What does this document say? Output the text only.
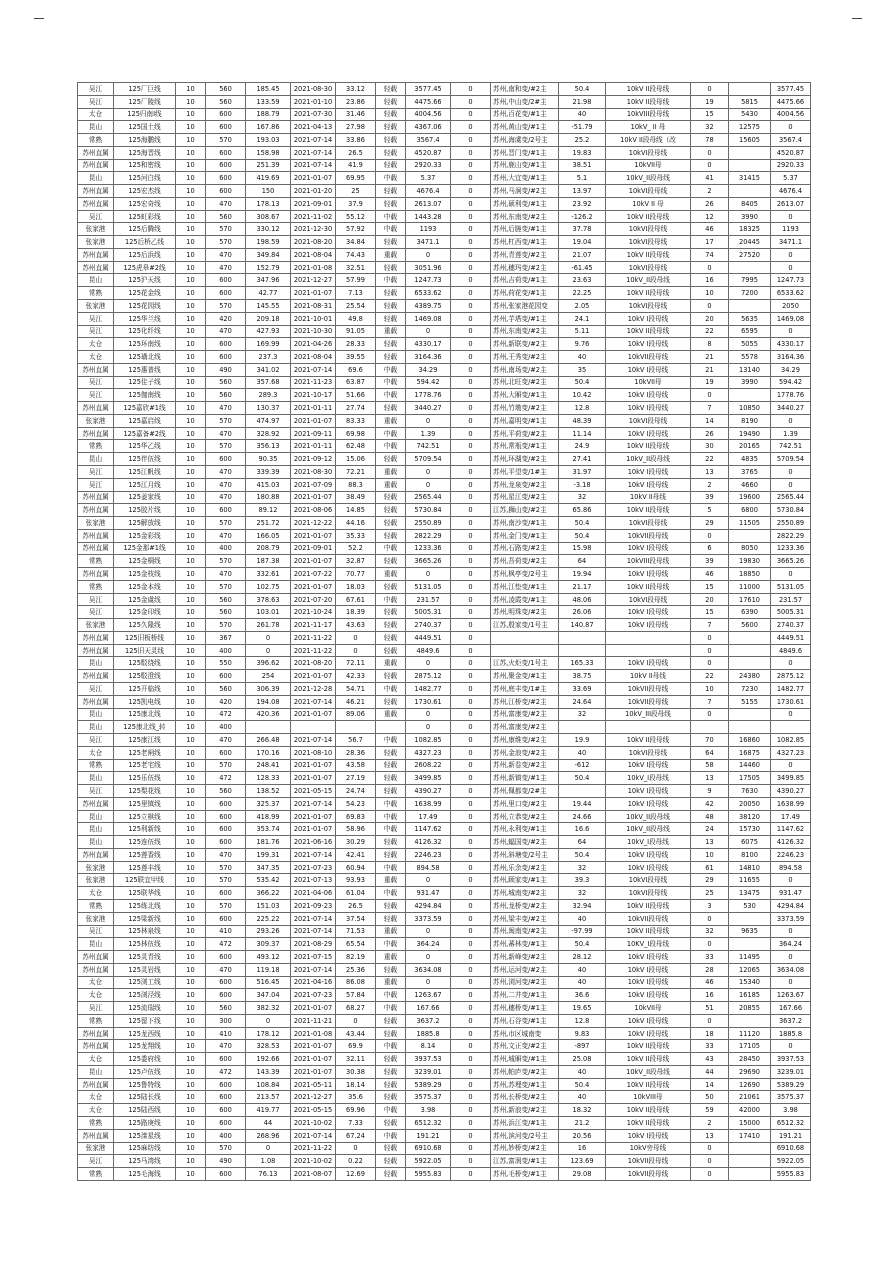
吴江	125厂巨线	10	560	185.45	2021-08-30	33.12	轻载	3577.45	0	苏州,南和变/#2主	50.4	10kV II段母线	0		3577.45
吴江	125厂陵线	10	560	133.59	2021-01-10	23.86	轻载	4475.66	0	苏州,中山变/2#主	21.98	10kV II段母线	19	5815	4475.66
太仓	125归南Ⅰ线	10	600	188.79	2021-07-30	31.46	轻载	4004.56	0	苏州,百花变/#1主	40	10kVIII段母线	15	5430	4004.56
昆山	125国土线	10	600	167.86	2021-04-13	27.98	轻载	4367.06	0	苏州,黄山变/#1主	-51.79	10kV_ II 母	32	12575	0
常熟	125海鹏线	10	570	193.03	2021-07-14	33.86	轻载	3567.4	0	苏州,海虞变/2号主	25.2	10kV II段母线（改	78	15605	3567.4
苏州直属	125海晋线	10	600	158.98	2021-07-14	26.5	轻载	4520.87	0	苏州,晋门变/#1主	19.83	10kVI段母线	0		4520.87
苏州直属	125和密线	10	600	251.39	2021-07-14	41.9	轻载	2920.33	0	苏州,鹿山变/#1主	38.51	10kVII母	0		2920.33
昆山	125河白线	10	600	419.69	2021-01-07	69.95	中载	5.37	0	苏州,大宜变/#1主	5.1	10kV_II段母线	41	31415	5.37
苏州直属	125宏杰线	10	600	150	2021-01-20	25	轻载	4676.4	0	苏州,马涧变/#2主	13.97	10kVI段母线	2		4676.4
苏州直属	125宏奇线	10	470	178.13	2021-09-01	37.9	轻载	2613.07	0	苏州,硕利变/#1主	23.92	10kV II 母	26	8405	2613.07
吴江	125虹彩线	10	560	308.67	2021-11-02	55.12	中载	1443.28	0	苏州,东南变/#2主	-126.2	10kV II段母线	12	3990	0
张家港	125后腾线	10	570	330.12	2021-12-30	57.92	中载	1193	0	苏州,后塍变/#1主	37.78	10kVI段母线	46	18325	1193
张家港	125后桥乙线	10	570	198.59	2021-08-20	34.84	轻载	3471.1	0	苏州,杠西变/#1主	19.04	10kVI段母线	17	20445	3471.1
苏州直属	125后浜线	10	470	349.84	2021-08-04	74.43	重载	0	0	苏州,青莲变/#2主	21.07	10kV II段母线	74	27520	0
苏州直属	125虎皋#2线	10	470	152.79	2021-01-08	32.51	轻载	3051.96	0	苏州,穗玛变/#2主	-61.45	10kVI段母线	0		0
昆山	125沪天线	10	600	347.96	2021-12-27	57.99	中载	1247.73	0	苏州,吉荷变/#1主	23.63	10kV_II段母线	16	7995	1247.73
常熟	125花金线	10	600	42.77	2021-01-07	7.13	轻载	6533.62	0	苏州,荷花变/#1主	22.25	10kV II段母线	10	7200	6533.62
张家港	125花园线	10	570	145.55	2021-08-31	25.54	轻载	4389.75	0	苏州,张家港花园变	2.05	10kVI段母线	0		2050
吴江	125华兰线	10	420	209.18	2021-10-01	49.8	轻载	1469.08	0	苏州,芋塔变/#1主	24.1	10kV I段母线	20	5635	1469.08
吴江	125化纤线	10	470	427.93	2021-10-30	91.05	重载	0	0	苏州,东南变/#2主	5.11	10kV II段母线	22	6595	0
太仓	125环南线	10	600	169.99	2021-04-26	28.33	轻载	4330.17	0	苏州,新联变/#2主	9.76	10kV I段母线	8	5055	4330.17
太仓	125璜北线	10	600	237.3	2021-08-04	39.55	轻载	3164.36	0	苏州,王秀变/#2主	40	10kVII段母线	21	5578	3164.36
苏州直属	125惠普线	10	490	341.02	2021-07-14	69.6	中载	34.29	0	苏州,南场变/#2主	35	10kV I段母线	21	13140	34.29
吴江	125佳子线	10	560	357.68	2021-11-23	63.87	中载	594.42	0	苏州,北旺变/#2主	50.4	10kVII母	19	3990	594.42
吴江	125伽南线	10	560	289.3	2021-10-17	51.66	中载	1778.76	0	苏州,大厢变/#1主	10.42	10kV I段母线	0		1778.76
苏州直属	125嘉欣#1线	10	470	130.37	2021-01-11	27.74	轻载	3440.27	0	苏州,竹墩变/#2主	12.8	10kV I段母线	7	10850	3440.27
张家港	125嘉启线	10	570	474.97	2021-01-07	83.33	重载	0	0	苏州,嘉明变/#1主	48.39	10kVI段母线	14	8190	0
苏州直属	125嘉备#2线	10	470	328.92	2021-09-11	69.98	中载	1.39	0	苏州,平荷变/#2主	11.14	10kV I段母线	26	19490	1.39
常熟	125华乙线	10	570	356.13	2021-01-11	62.48	中载	742.51	0	苏州,常瓶变/#1主	24.9	10kV II段母线	30	20165	742.51
昆山	125伴伍线	10	600	90.35	2021-09-12	15.06	轻载	5709.54	0	苏州,环湖变/#2主	27.41	10kV_II段母线	22	4835	5709.54
吴江	125江帆线	10	470	339.39	2021-08-30	72.21	重载	0	0	苏州,平望变/1#主	31.97	10kV I段母线	13	3765	0
吴江	125江月线	10	470	415.03	2021-07-09	88.3	重载	0	0	苏州,龙泉变/#2主	-3.18	10kV I段母线	2	4660	0
苏州直属	125姜家线	10	470	180.88	2021-01-07	38.49	轻载	2565.44	0	苏州,星江变/#2主	32	10kV II母线	39	19600	2565.44
苏州直属	125胶片线	10	600	89.12	2021-08-06	14.85	轻载	5730.84	0	江苏,狮山变/#2主	65.86	10kV II段母线	5	6800	5730.84
张家港	125解放线	10	570	251.72	2021-12-22	44.16	轻载	2550.89	0	苏州,南沙变/#1主	50.4	10kVI段母线	29	11505	2550.89
苏州直属	125金彩线	10	470	166.05	2021-01-07	35.33	轻载	2822.29	0	苏州,金门变/#1主	50.4	10kVII段母线	0		2822.29
苏州直属	125金那#1线	10	400	208.79	2021-09-01	52.2	中载	1233.36	0	苏州,石路变/#2主	15.98	10kV I段母线	6	8050	1233.36
常熟	125金桐线	10	570	187.38	2021-01-07	32.87	轻载	3665.26	0	苏州,吾荷变/#2主	64	10kVIII段母线	39	19830	3665.26
苏州直属	125金枝线	10	470	332.61	2021-07-22	70.77	重载	0	0	苏州,枫亭变/2号主	19.94	10kV I段母线	46	18850	0
常熟	125金本线	10	570	102.75	2021-01-07	18.03	轻载	5131.05	0	苏州,江垫变/#1主	21.17	10kV II段母线	15	11000	5131.05
吴江	125金虞线	10	560	378.63	2021-07-20	67.61	中载	231.57	0	苏州,凌霞变/#1主	48.06	10kVI段母线	20	17610	231.57
吴江	125金印线	10	560	103.01	2021-10-24	18.39	轻载	5005.31	0	苏州,明珠变/#2主	26.06	10kV I段母线	15	6390	5005.31
张家港	125久隆线	10	570	261.78	2021-11-17	43.63	轻载	2740.37	0	江苏,殷家变/1号主	140.87	10kV I段母线	7	5600	2740.37
苏州直属	125旧板桥线	10	367	0	2021-11-22	0	轻载	4449.51	0				0		4449.51
苏州直属	125旧天灵线	10	400	0	2021-11-22	0	轻载	4849.6	0				0		4849.6
昆山	125駁绕线	10	550	396.62	2021-08-20	72.11	重载	0	0	江苏,火炬变/1号主	165.33	10kV I段母线	0		0
苏州直属	125駁澄线	10	600	254	2021-01-07	42.33	轻载	2875.12	0	苏州,聚金变/#1主	38.75	10kV II母线	22	24380	2875.12
吴江	125开临线	10	560	306.39	2021-12-28	54.71	中载	1482.77	0	苏州,庭丰变/1#主	33.69	10kVII段母线	10	7230	1482.77
苏州直属	125凯电线	10	420	194.08	2021-07-14	46.21	轻载	1730.61	0	苏州,江桥变/#2主	24.64	10kVII段母线	7	5155	1730.61
昆山	125康北线	10	472	420.36	2021-01-07	89.06	重载	0	0	苏州,富康变/#2主	32	10kV_III段母线	0		0
昆山	125康北线_转	10	400					0	0	苏州,富康变/#2主					
吴江	125康江线	10	470	266.48	2021-07-14	56.7	中载	1082.85	0	苏州,康维变/#2主	19.9	10kV II段母线	70	16860	1082.85
太仓	125老闸线	10	600	170.16	2021-08-10	28.36	轻载	4327.23	0	苏州,金浪变/#2主	40	10kVI段母线	64	16875	4327.23
常熟	125老宅线	10	570	248.41	2021-01-07	43.58	轻载	2608.22	0	苏州,新卷变/#2主	-612	10kV I段母线	58	14460	0
昆山	125乐伍线	10	472	128.33	2021-01-07	27.19	轻载	3499.85	0	苏州,新镇变/#1主	50.4	10kV_I段母线	13	17505	3499.85
吴江	125梨花线	10	560	138.52	2021-05-15	24.74	轻载	4390.27	0	苏州,佩都变/2#主		10kV I段母线	9	7630	4390.27
苏州直属	125里镇线	10	600	325.37	2021-07-14	54.23	中载	1638.99	0	苏州,里口变/#2主	19.44	10kV I段母线	42	20050	1638.99
昆山	125立棋线	10	600	418.99	2021-01-07	69.83	中载	17.49	0	苏州,立恭变/#2主	24.66	10kV_II段母线	48	38120	17.49
昆山	125利新线	10	600	353.74	2021-01-07	58.96	中载	1147.62	0	苏州,永利变/#1主	16.6	10kV_II段母线	24	15730	1147.62
昆山	125连伍线	10	600	181.76	2021-06-16	30.29	轻载	4126.32	0	苏州,蝠国变/#2主	64	10kV_I段母线	13	6075	4126.32
苏州直属	125莲香线	10	470	199.31	2021-07-14	42.41	轻载	2246.23	0	苏州,斜塘变/2号主	50.4	10kV I段母线	10	8100	2246.23
张家港	125莲丰线	10	570	347.35	2021-07-23	60.94	中载	894.58	0	苏州,乐余变/#2主	32	10kV I段母线	61	14810	894.58
张家港	125联宜甲线	10	570	535.42	2021-07-13	93.93	重载	0	0	苏州,顾家变/#1主	39.3	10kVI段母线	29	11655	0
太仓	125联华线	10	600	366.22	2021-04-06	61.04	中载	931.47	0	苏州,城南变/#2主	32	10kVI段母线	25	13475	931.47
常熟	125练北线	10	570	151.03	2021-09-23	26.5	轻载	4294.84	0	苏州,龙桥变/#2主	32.94	10kV II段母线	3	530	4294.84
张家港	125梁新线	10	600	225.22	2021-07-14	37.54	轻载	3373.59	0	苏州,梁丰变/#2主	40	10kVII段母线	0		3373.59
吴江	125林泉线	10	410	293.26	2021-07-14	71.53	重载	0	0	苏州,闽南变/#2主	-97.99	10kV II段母线	32	9635	0
昆山	125林伍线	10	472	309.37	2021-08-29	65.54	中载	364.24	0	苏州,蕃林变/#1主	50.4	10KV_I段母线	0		364.24
苏州直属	125灵青线	10	600	493.12	2021-07-15	82.19	重载	0	0	苏州,新峰变/#2主	28.12	10kV I段母线	33	11495	0
苏州直属	125灵岩线	10	470	119.18	2021-07-14	25.36	轻载	3634.08	0	苏州,运河变/#2主	40	10kV I段母线	28	12065	3634.08
太仓	125浏工线	10	600	516.45	2021-04-16	86.08	重载	0	0	苏州,浏河变/#2主	40	10kV I段母线	46	15340	0
太仓	125浏泾线	10	600	347.04	2021-07-23	57.84	中载	1263.67	0	苏州,二井变/#1主	36.6	10kV I段母线	16	16185	1263.67
吴江	125流瑞线	10	560	382.32	2021-01-07	68.27	中载	167.66	0	苏州,穗桥变/#1主	19.65	10kVII母	51	20855	167.66
常熟	125留下线	10	300	0	2021-11-21	0	轻载	3637.2	0	苏州,石谷变/#1主	12.8	10kV I段母线	0		3637.2
苏州直属	125龙西线	10	410	178.12	2021-01-08	43.44	轻载	1885.8	0	苏州,市区城南变	9.83	10kV I段母线	18	11120	1885.8
苏州直属	125龙翔线	10	470	328.53	2021-01-07	69.9	中载	8.14	0	苏州,文正变/#2主	-897	10kV II段母线	33	17105	0
太仓	125娄府线	10	600	192.66	2021-01-07	32.11	轻载	3937.53	0	苏州,城厢变/#1主	25.08	10kV II段母线	43	28450	3937.53
昆山	125卢伍线	10	472	143.39	2021-01-07	30.38	轻载	3239.01	0	苏州,帕庐变/#2主	40	10kV_II段母线	44	29690	3239.01
苏州直属	125鲁特线	10	600	108.84	2021-05-11	18.14	轻载	5389.29	0	苏州,苏埋变/#1主	50.4	10kV II段母线	14	12690	5389.29
太仓	125陆长线	10	600	213.57	2021-12-27	35.6	轻载	3575.37	0	苏州,长桥变/#2主	40	10kVIII母	50	21061	3575.37
太仓	125陆西线	10	600	419.77	2021-05-15	69.96	中载	3.98	0	苏州,新浪变/#2主	18.32	10kV II段母线	59	42000	3.98
常熟	125路庚线	10	600	44	2021-10-02	7.33	轻载	6512.32	0	苏州,浜江变/#1主	21.2	10kV II段母线	2	15000	6512.32
苏州直属	125滦星线	10	400	268.96	2021-07-14	67.24	中载	191.21	0	苏州,滨河变/2号主	20.56	10kV I段母线	13	17410	191.21
张家港	125麻纺线	10	570	0	2021-11-22	0	轻载	6910.68	0	苏州,妙桥变/#2主	16	10kV旁母线	0		6910.68
吴江	125马湾线	10	490	1.08	2021-10-02	0.22	轻载	5922.05	0	江苏,富润变/#1主	123.69	10kVII段母线	0		5922.05
常熟	125毛海线	10	600	76.13	2021-08-07	12.69	轻载	5955.83	0	苏州,毛桥变/#1主	29.08	10kVII段母线	0		5955.83
